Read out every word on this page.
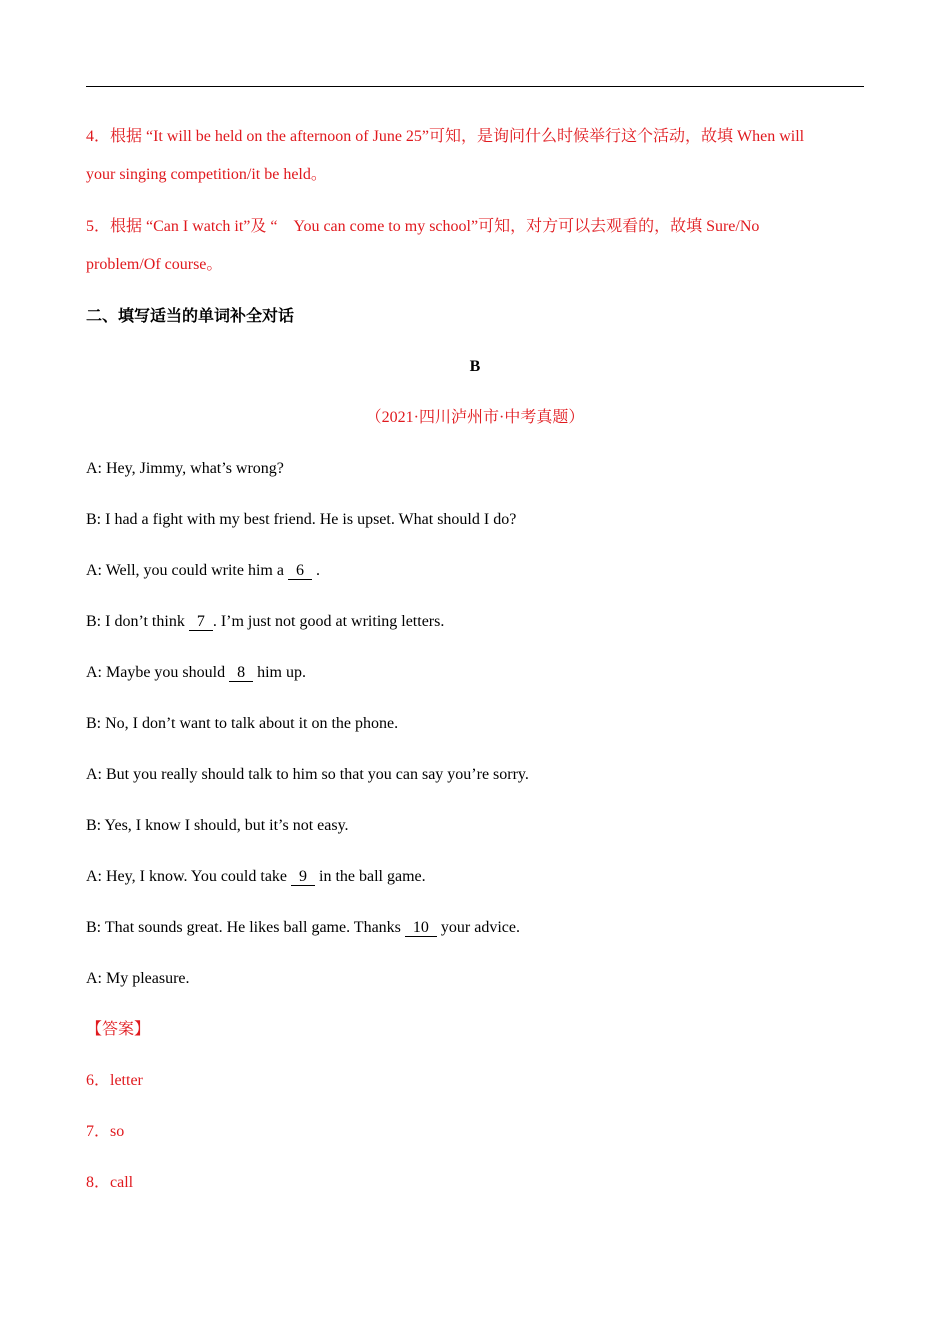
4．根据 “It will be held on the afternoon of June 25”可知，是询问什么时候举行这个活动，故填 When will
your singing competition/it be held。
5．根据 “Can I watch it”及 “　You can come to my school”可知，对方可以去观看的，故填 Sure/No
problem/Of course。
二、填写适当的单词补全对话
B
（2021·四川泸州市·中考真题）
A: Hey, Jimmy, what’s wrong?
B: I had a fight with my best friend. He is upset. What should I do?
A: Well, you could write him a 6 .
B: I don’t think 7 . I’m just not good at writing letters.
A: Maybe you should 8 him up.
B: No, I don’t want to talk about it on the phone.
A: But you really should talk to him so that you can say you’re sorry.
B: Yes, I know I should, but it’s not easy.
A: Hey, I know. You could take 9 in the ball game.
B: That sounds great. He likes ball game. Thanks 10 your advice.
A: My pleasure.
【答案】
6．letter
7．so
8．call
